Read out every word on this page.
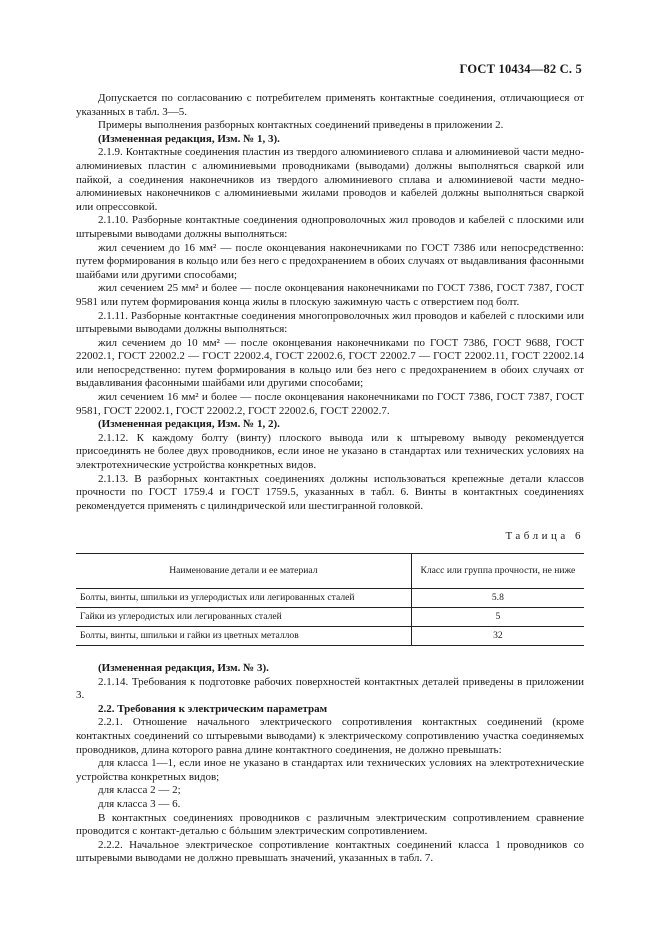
ГОСТ 10434—82 С. 5

Допускается по согласованию с потребителем применять контактные соединения, отличающиеся от указанных в табл. 3—5.

Примеры выполнения разборных контактных соединений приведены в приложении 2.

(Измененная редакция, Изм. № 1, 3).

2.1.9. Контактные соединения пластин из твердого алюминиевого сплава и алюминиевой части медно-алюминиевых пластин с алюминиевыми проводниками (выводами) должны выполняться сваркой или пайкой, а соединения наконечников из твердого алюминиевого сплава и алюминиевой части медно-алюминиевых наконечников с алюминиевыми жилами проводов и кабелей должны выполняться сваркой или опрессовкой.

2.1.10. Разборные контактные соединения однопроволочных жил проводов и кабелей с плоскими или штыревыми выводами должны выполняться:

жил сечением до 16 мм² — после оконцевания наконечниками по ГОСТ 7386 или непосредственно: путем формирования в кольцо или без него с предохранением в обоих случаях от выдавливания фасонными шайбами или другими способами;

жил сечением 25 мм² и более — после оконцевания наконечниками по ГОСТ 7386, ГОСТ 7387, ГОСТ 9581 или путем формирования конца жилы в плоскую зажимную часть с отверстием под болт.

2.1.11. Разборные контактные соединения многопроволочных жил проводов и кабелей с плоскими или штыревыми выводами должны выполняться:

жил сечением до 10 мм² — после оконцевания наконечниками по ГОСТ 7386, ГОСТ 9688, ГОСТ 22002.1, ГОСТ 22002.2 — ГОСТ 22002.4, ГОСТ 22002.6, ГОСТ 22002.7 — ГОСТ 22002.11, ГОСТ 22002.14 или непосредственно: путем формирования в кольцо или без него с предохранением в обоих случаях от выдавливания фасонными шайбами или другими способами;

жил сечением 16 мм² и более — после оконцевания наконечниками по ГОСТ 7386, ГОСТ 7387, ГОСТ 9581, ГОСТ 22002.1, ГОСТ 22002.2, ГОСТ 22002.6, ГОСТ 22002.7.

(Измененная редакция, Изм. № 1, 2).

2.1.12. К каждому болту (винту) плоского вывода или к штыревому выводу рекомендуется присоединять не более двух проводников, если иное не указано в стандартах или технических условиях на электротехнические устройства конкретных видов.

2.1.13. В разборных контактных соединениях должны использоваться крепежные детали классов прочности по ГОСТ 1759.4 и ГОСТ 1759.5, указанных в табл. 6. Винты в контактных соединениях рекомендуется применять с цилиндрической или шестигранной головкой.

Таблица 6
Наименование детали и ее материал	Класс или группа прочности, не ниже
Болты, винты, шпильки из углеродистых или легированных сталей	5.8
Гайки из углеродистых или легированных сталей	5
Болты, винты, шпильки и гайки из цветных металлов	32

(Измененная редакция, Изм. № 3).

2.1.14. Требования к подготовке рабочих поверхностей контактных деталей приведены в приложении 3.

2.2. Требования к электрическим параметрам

2.2.1. Отношение начального электрического сопротивления контактных соединений (кроме контактных соединений со штыревыми выводами) к электрическому сопротивлению участка соединяемых проводников, длина которого равна длине контактного соединения, не должно превышать:

для класса 1—1, если иное не указано в стандартах или технических условиях на электротехнические устройства конкретных видов;

для класса 2 — 2;

для класса 3 — 6.

В контактных соединениях проводников с различным электрическим сопротивлением сравнение проводится с контакт-деталью с бóльшим электрическим сопротивлением.

2.2.2. Начальное электрическое сопротивление контактных соединений класса 1 проводников со штыревыми выводами не должно превышать значений, указанных в табл. 7.
